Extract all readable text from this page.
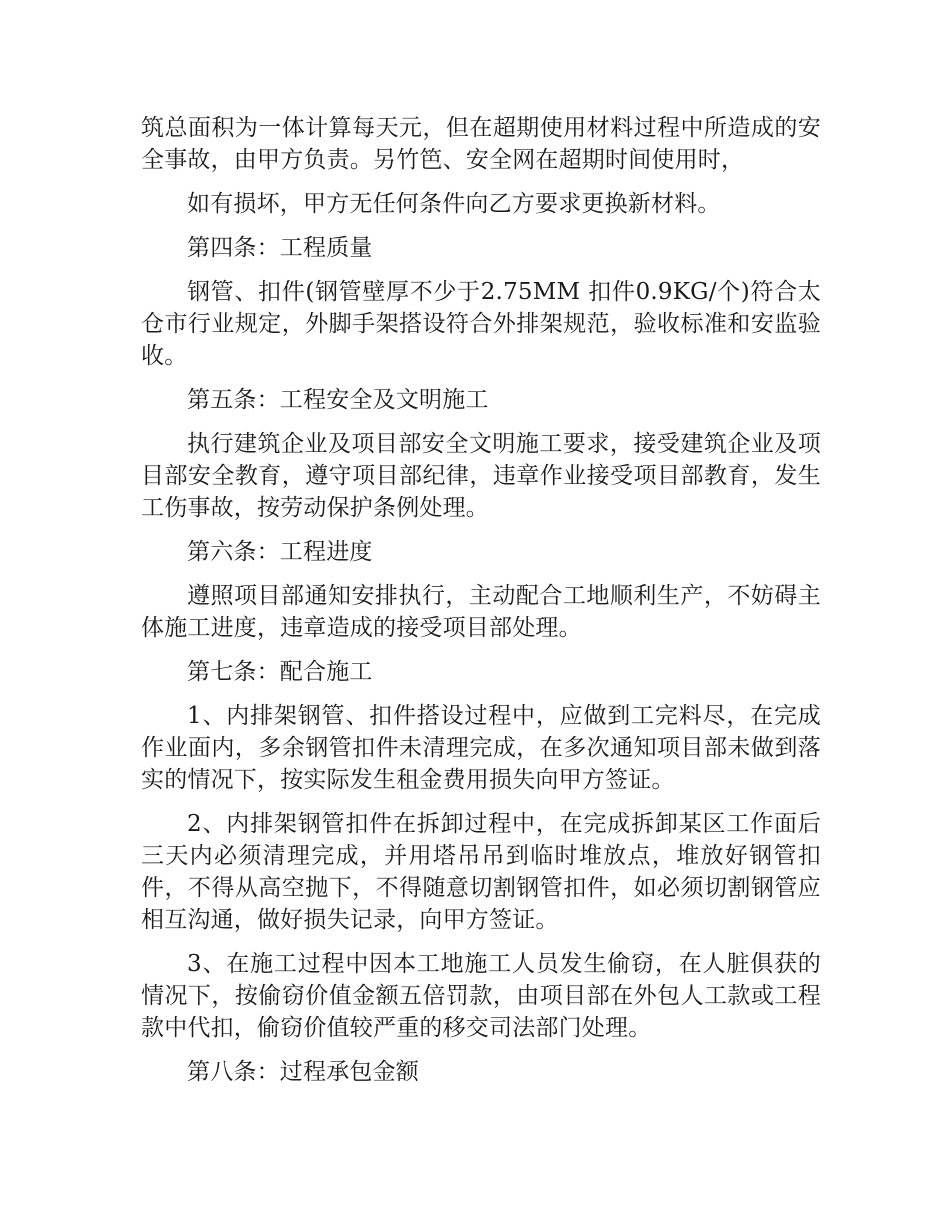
筑总面积为一体计算每天元，但在超期使用材料过程中所造成的安全事故，由甲方负责。另竹笆、安全网在超期时间使用时，

如有损坏，甲方无任何条件向乙方要求更换新材料。

第四条：工程质量

钢管、扣件(钢管壁厚不少于2.75MM 扣件0.9KG/个)符合太仓市行业规定，外脚手架搭设符合外排架规范，验收标准和安监验收。

第五条：工程安全及文明施工

执行建筑企业及项目部安全文明施工要求，接受建筑企业及项目部安全教育，遵守项目部纪律，违章作业接受项目部教育，发生工伤事故，按劳动保护条例处理。

第六条：工程进度

遵照项目部通知安排执行，主动配合工地顺利生产，不妨碍主体施工进度，违章造成的接受项目部处理。

第七条：配合施工

1、内排架钢管、扣件搭设过程中，应做到工完料尽，在完成作业面内，多余钢管扣件未清理完成，在多次通知项目部未做到落实的情况下，按实际发生租金费用损失向甲方签证。

2、内排架钢管扣件在拆卸过程中，在完成拆卸某区工作面后三天内必须清理完成，并用塔吊吊到临时堆放点，堆放好钢管扣件，不得从高空抛下，不得随意切割钢管扣件，如必须切割钢管应相互沟通，做好损失记录，向甲方签证。

3、在施工过程中因本工地施工人员发生偷窃，在人脏俱获的情况下，按偷窃价值金额五倍罚款，由项目部在外包人工款或工程款中代扣，偷窃价值较严重的移交司法部门处理。

第八条：过程承包金额
